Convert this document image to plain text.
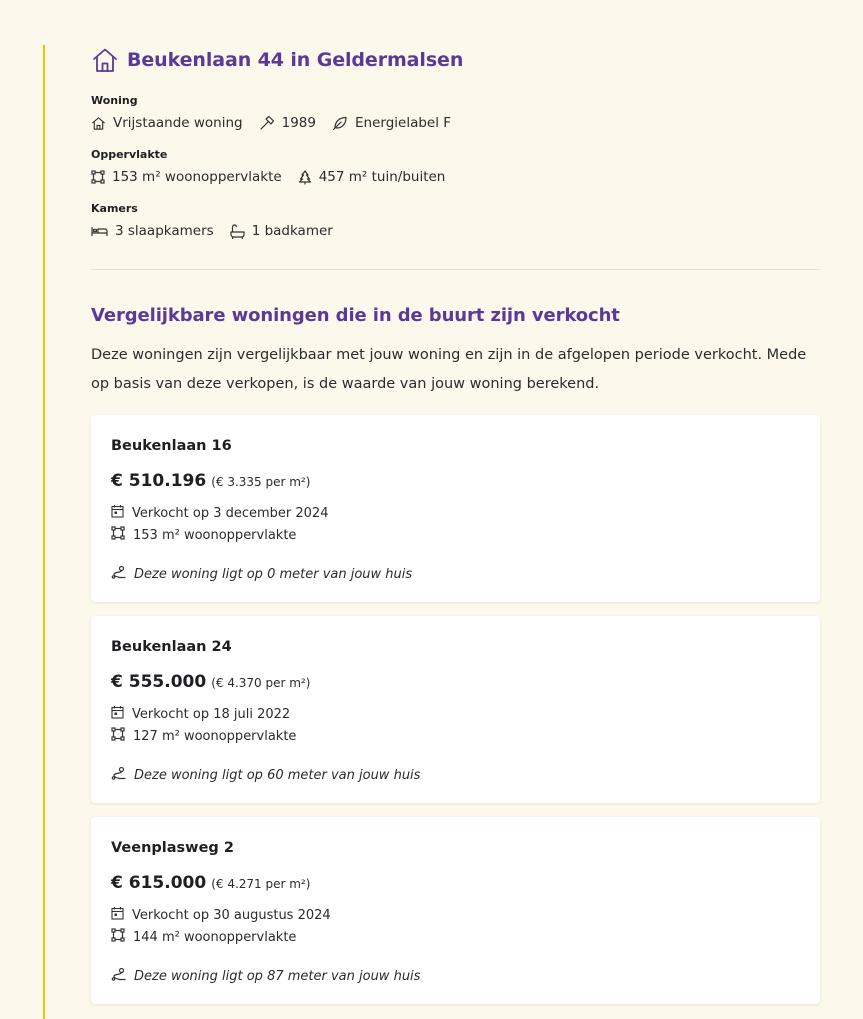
Beukenlaan 44 in Geldermalsen
Woning
Vrijstaande woning	1989	Energielabel F
Oppervlakte
153 m² woonoppervlakte	457 m² tuin/buiten
Kamers
3 slaapkamers	1 badkamer
Vergelijkbare woningen die in de buurt zijn verkocht

Deze woningen zijn vergelijkbaar met jouw woning en zijn in de afgelopen periode verkocht. Mede op basis van deze verkopen, is de waarde van jouw woning berekend.

Beukenlaan 16
€ 510.196 (€ 3.335 per m²)
Verkocht op 3 december 2024
153 m² woonoppervlakte
Deze woning ligt op 0 meter van jouw huis
Beukenlaan 24
€ 555.000 (€ 4.370 per m²)
Verkocht op 18 juli 2022
127 m² woonoppervlakte
Deze woning ligt op 60 meter van jouw huis
Veenplasweg 2
€ 615.000 (€ 4.271 per m²)
Verkocht op 30 augustus 2024
144 m² woonoppervlakte
Deze woning ligt op 87 meter van jouw huis
